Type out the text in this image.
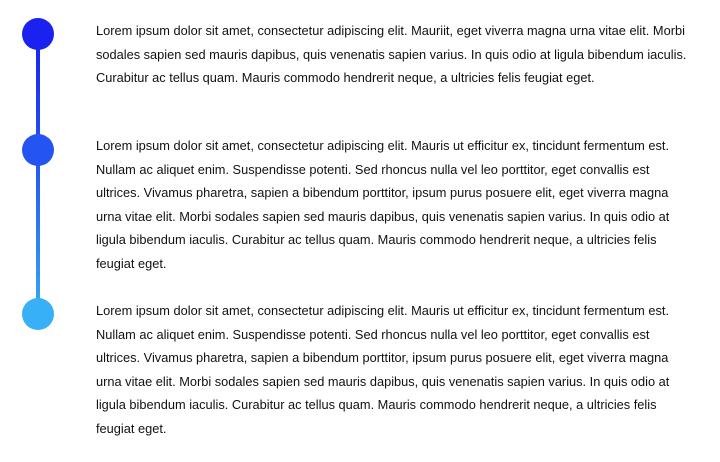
Lorem ipsum dolor sit amet, consectetur adipiscing elit. Mauriit, eget viverra magna urna vitae elit. Morbi sodales sapien sed mauris dapibus, quis venenatis sapien varius. In quis odio at ligula bibendum iaculis. Curabitur ac tellus quam. Mauris commodo hendrerit neque, a ultricies felis feugiat eget.

Lorem ipsum dolor sit amet, consectetur adipiscing elit. Mauris ut efficitur ex, tincidunt fermentum est. Nullam ac aliquet enim. Suspendisse potenti. Sed rhoncus nulla vel leo porttitor, eget convallis est ultrices. Vivamus pharetra, sapien a bibendum porttitor, ipsum purus posuere elit, eget viverra magna urna vitae elit. Morbi sodales sapien sed mauris dapibus, quis venenatis sapien varius. In quis odio at ligula bibendum iaculis. Curabitur ac tellus quam. Mauris commodo hendrerit neque, a ultricies felis feugiat eget.

Lorem ipsum dolor sit amet, consectetur adipiscing elit. Mauris ut efficitur ex, tincidunt fermentum est. Nullam ac aliquet enim. Suspendisse potenti. Sed rhoncus nulla vel leo porttitor, eget convallis est ultrices. Vivamus pharetra, sapien a bibendum porttitor, ipsum purus posuere elit, eget viverra magna urna vitae elit. Morbi sodales sapien sed mauris dapibus, quis venenatis sapien varius. In quis odio at ligula bibendum iaculis. Curabitur ac tellus quam. Mauris commodo hendrerit neque, a ultricies felis feugiat eget.
